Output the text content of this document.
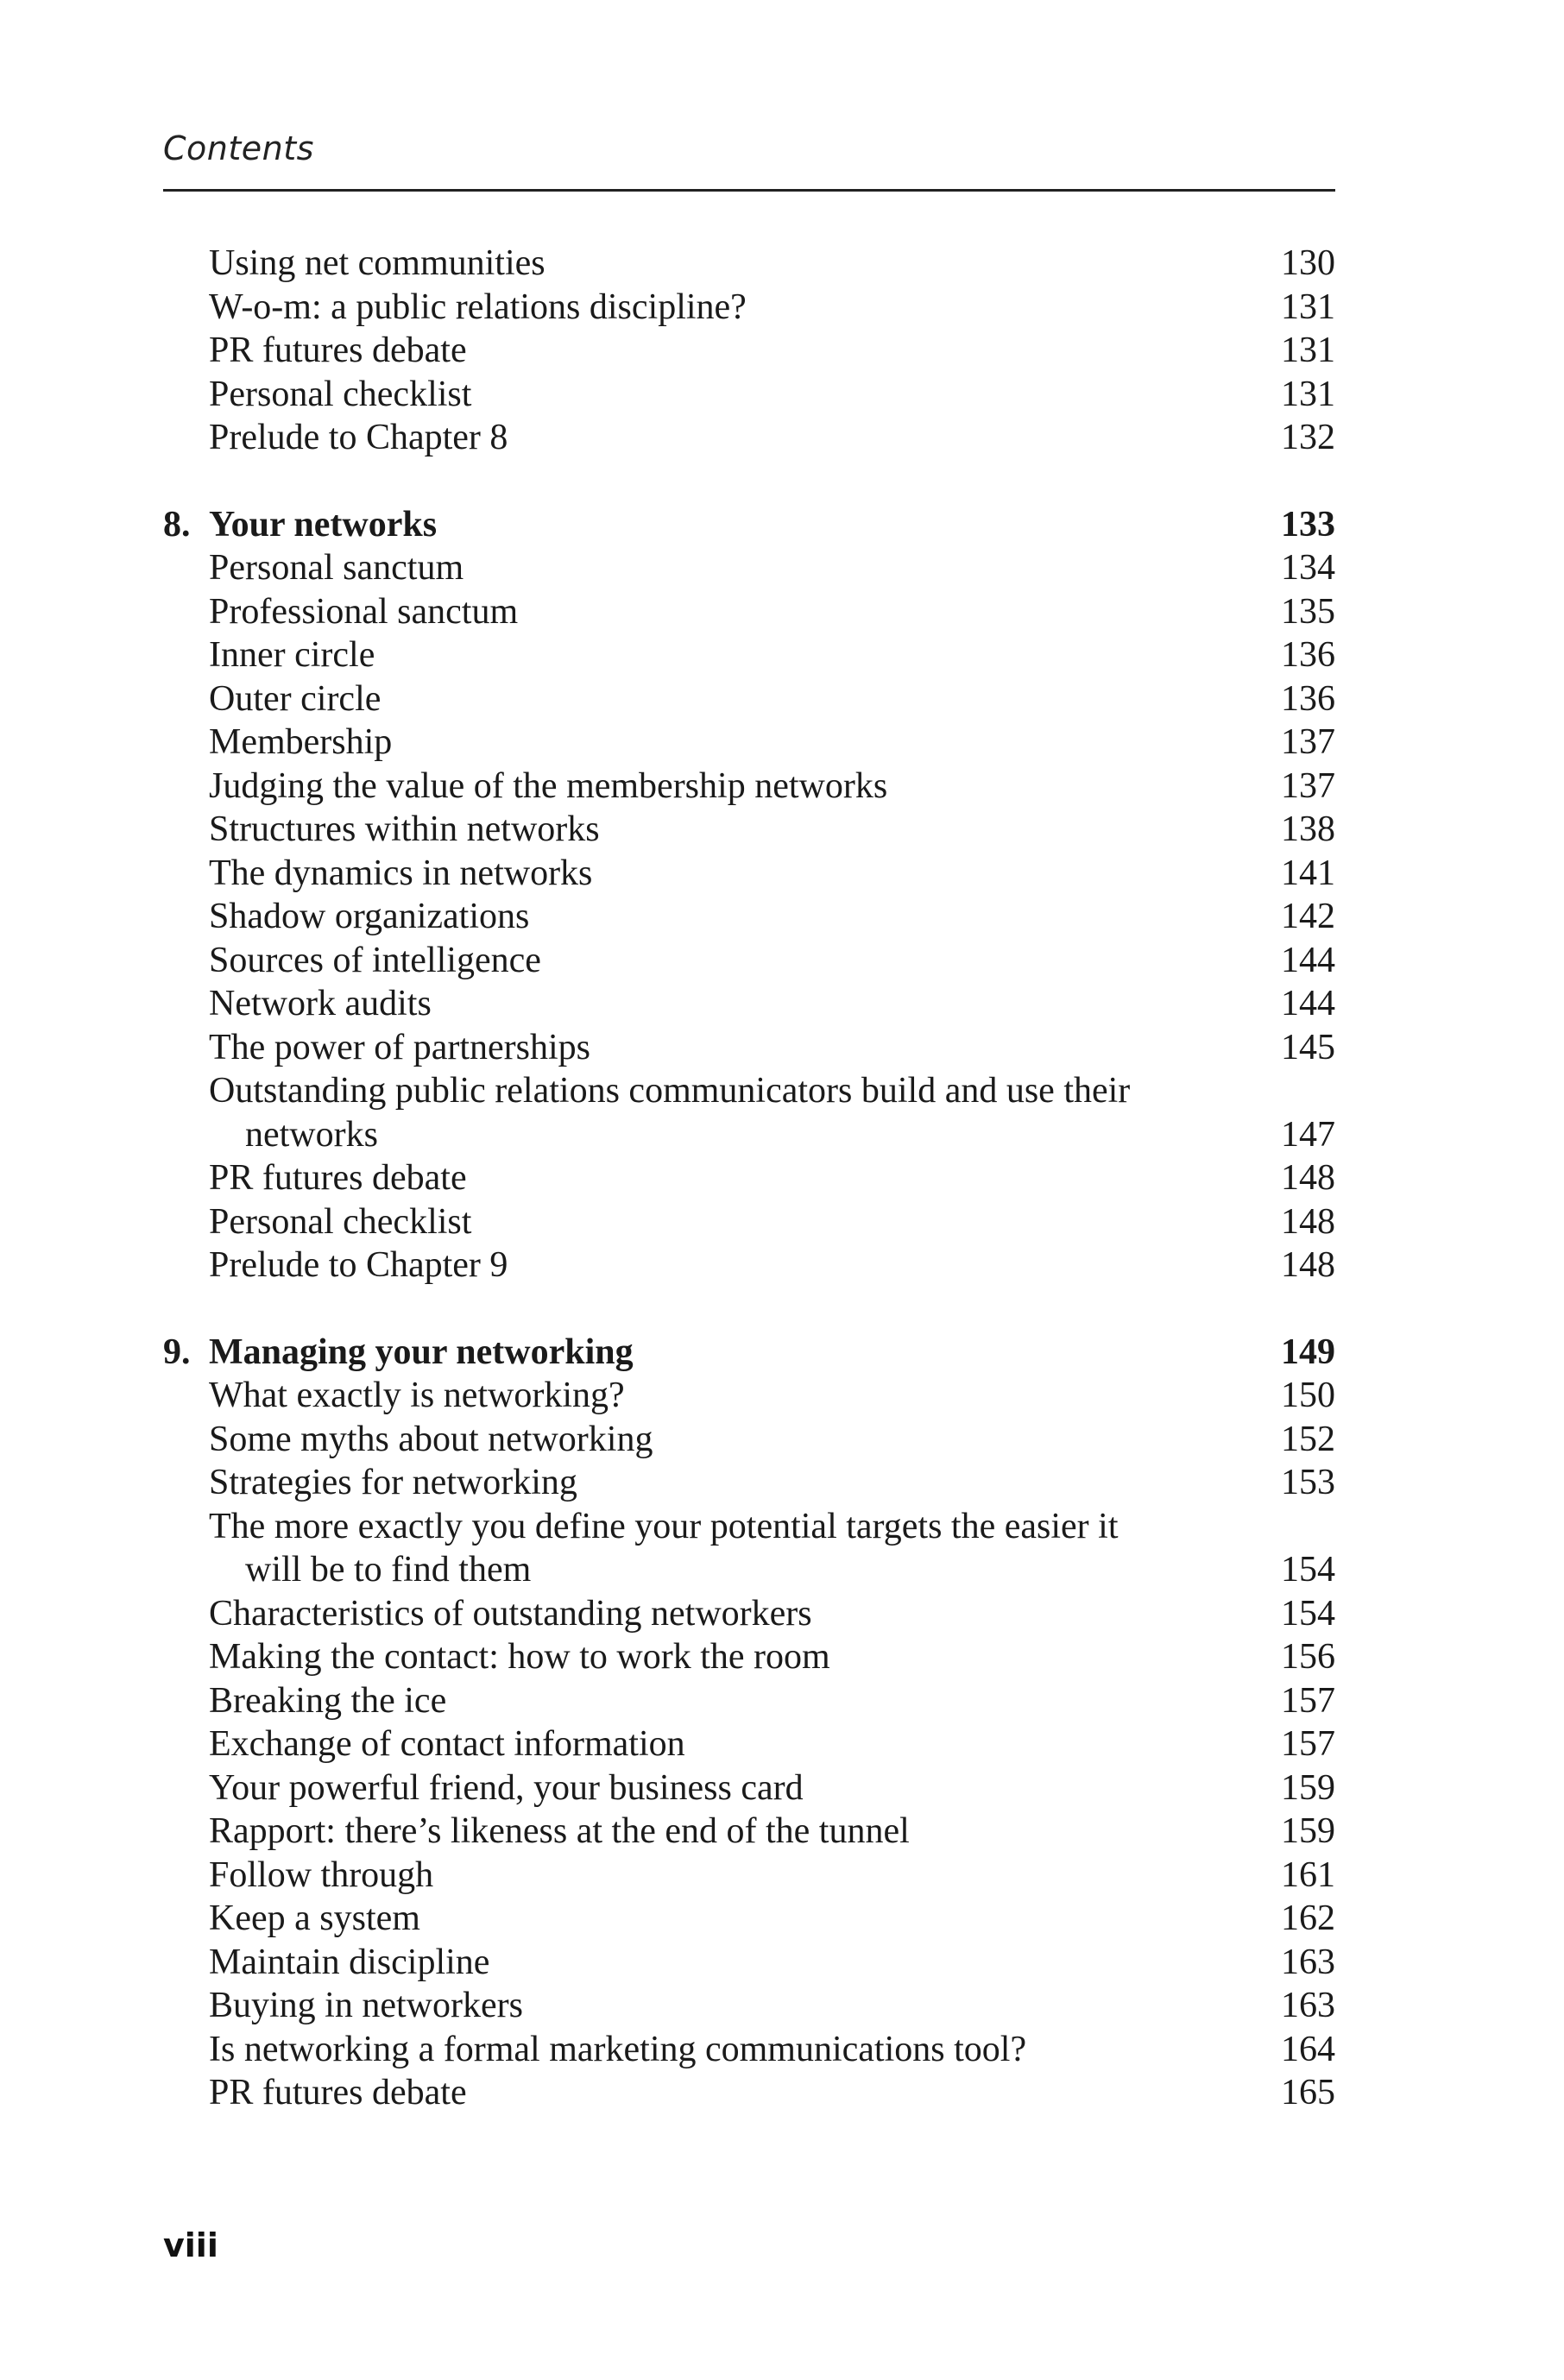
Contents
Using net communities	130
W-o-m: a public relations discipline?	131
PR futures debate	131
Personal checklist	131
Prelude to Chapter 8	132
8. Your networks	133
Personal sanctum	134
Professional sanctum	135
Inner circle	136
Outer circle	136
Membership	137
Judging the value of the membership networks	137
Structures within networks	138
The dynamics in networks	141
Shadow organizations	142
Sources of intelligence	144
Network audits	144
The power of partnerships	145
Outstanding public relations communicators build and use their
networks	147
PR futures debate	148
Personal checklist	148
Prelude to Chapter 9	148
9. Managing your networking	149
What exactly is networking?	150
Some myths about networking	152
Strategies for networking	153
The more exactly you define your potential targets the easier it
will be to find them	154
Characteristics of outstanding networkers	154
Making the contact: how to work the room	156
Breaking the ice	157
Exchange of contact information	157
Your powerful friend, your business card	159
Rapport: there’s likeness at the end of the tunnel	159
Follow through	161
Keep a system	162
Maintain discipline	163
Buying in networkers	163
Is networking a formal marketing communications tool?	164
PR futures debate	165
viii
